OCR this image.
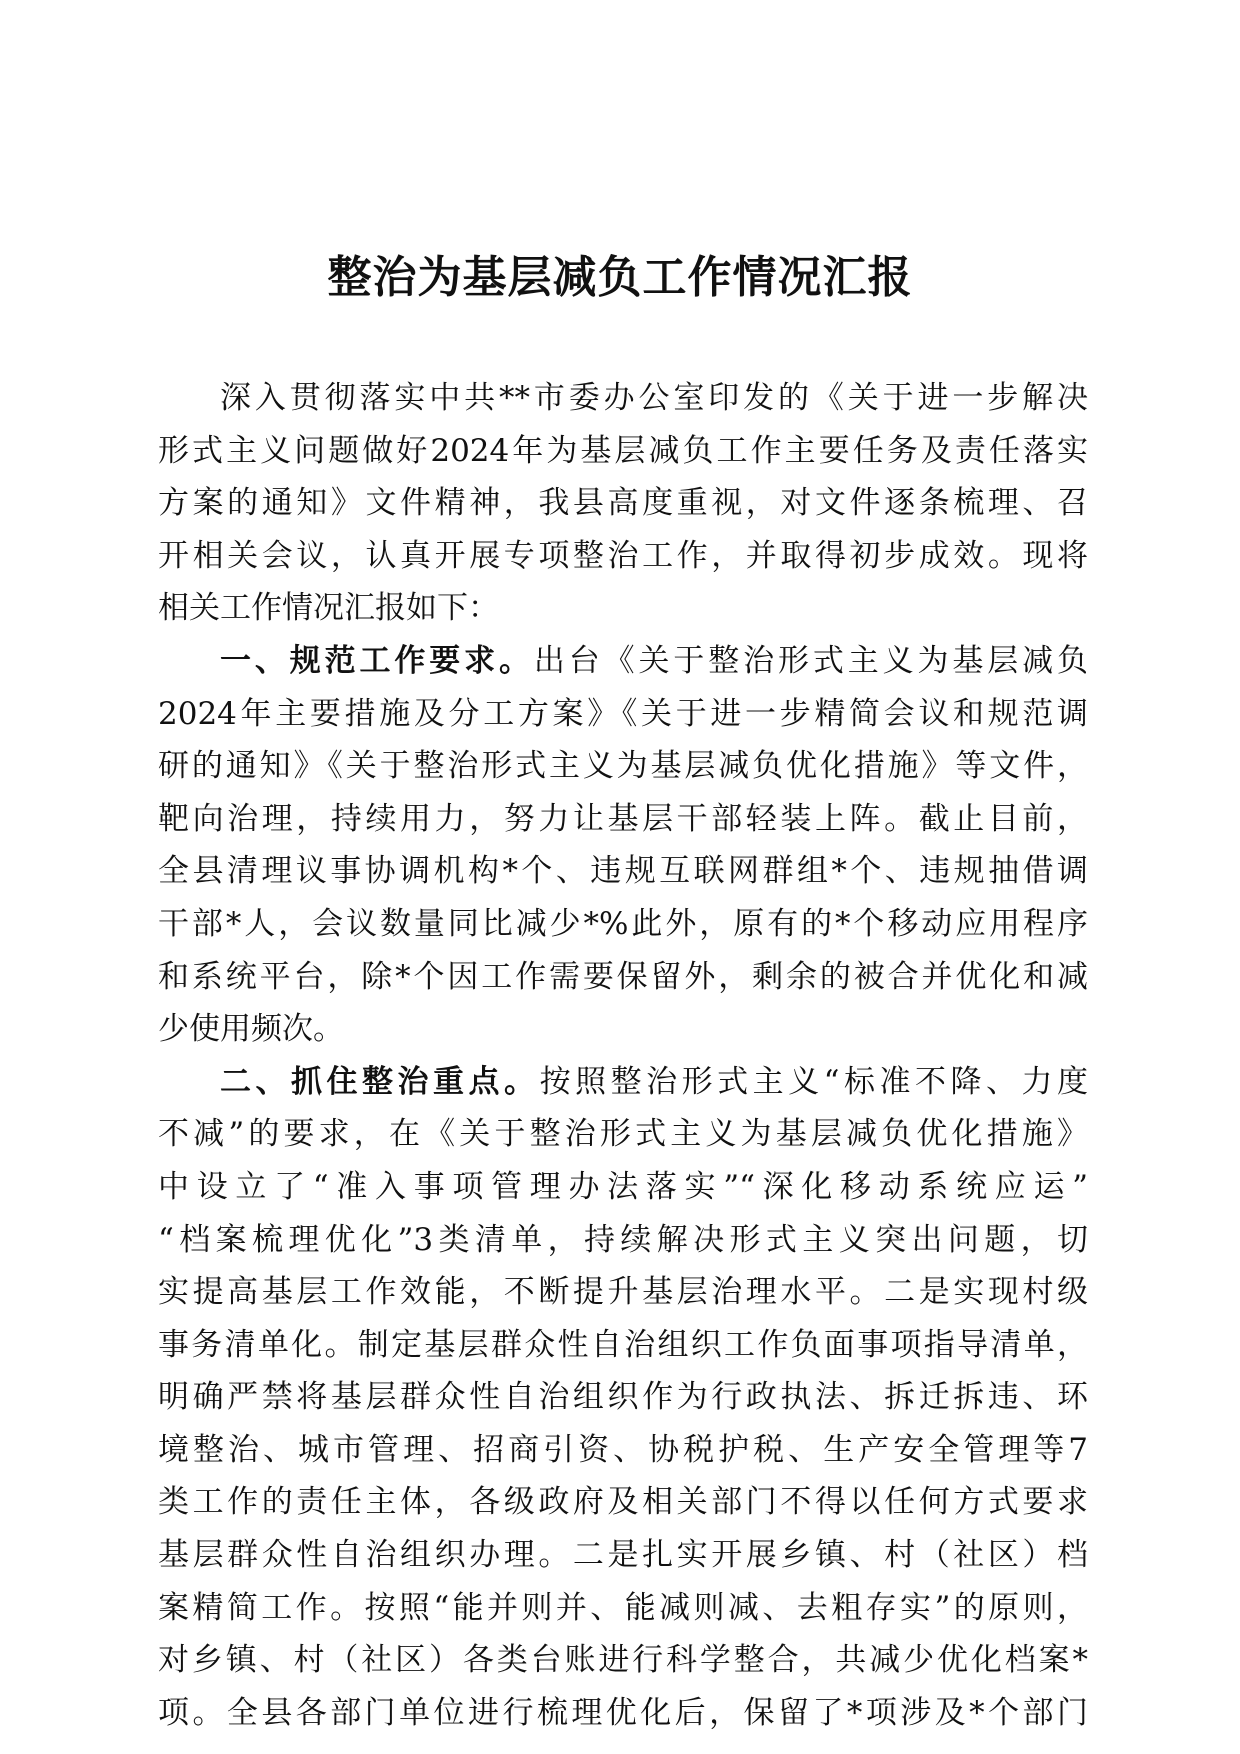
整治为基层减负工作情况汇报
深入贯彻落实中共**市委办公室印发的《关于进一步解决
形式主义问题做好2024年为基层减负工作主要任务及责任落实
方案的通知》文件精神，我县高度重视，对文件逐条梳理、召
开相关会议，认真开展专项整治工作，并取得初步成效。现将
相关工作情况汇报如下：
一、规范工作要求。出台《关于整治形式主义为基层减负
2024年主要措施及分工方案》《关于进一步精简会议和规范调
研的通知》《关于整治形式主义为基层减负优化措施》等文件，
靶向治理，持续用力，努力让基层干部轻装上阵。截止目前，
全县清理议事协调机构*个、违规互联网群组*个、违规抽借调
干部*人，会议数量同比减少*%此外，原有的*个移动应用程序
和系统平台，除*个因工作需要保留外，剩余的被合并优化和减
少使用频次。
二、抓住整治重点。按照整治形式主义“标准不降、力度
不减”的要求，在《关于整治形式主义为基层减负优化措施》
中设立了“准入事项管理办法落实”“深化移动系统应运”
“档案梳理优化”3类清单，持续解决形式主义突出问题，切
实提高基层工作效能，不断提升基层治理水平。二是实现村级
事务清单化。制定基层群众性自治组织工作负面事项指导清单，
明确严禁将基层群众性自治组织作为行政执法、拆迁拆违、环
境整治、城市管理、招商引资、协税护税、生产安全管理等7
类工作的责任主体，各级政府及相关部门不得以任何方式要求
基层群众性自治组织办理。二是扎实开展乡镇、村（社区）档
案精简工作。按照“能并则并、能减则减、去粗存实”的原则，
对乡镇、村（社区）各类台账进行科学整合，共减少优化档案*
项。全县各部门单位进行梳理优化后，保留了*项涉及*个部门
